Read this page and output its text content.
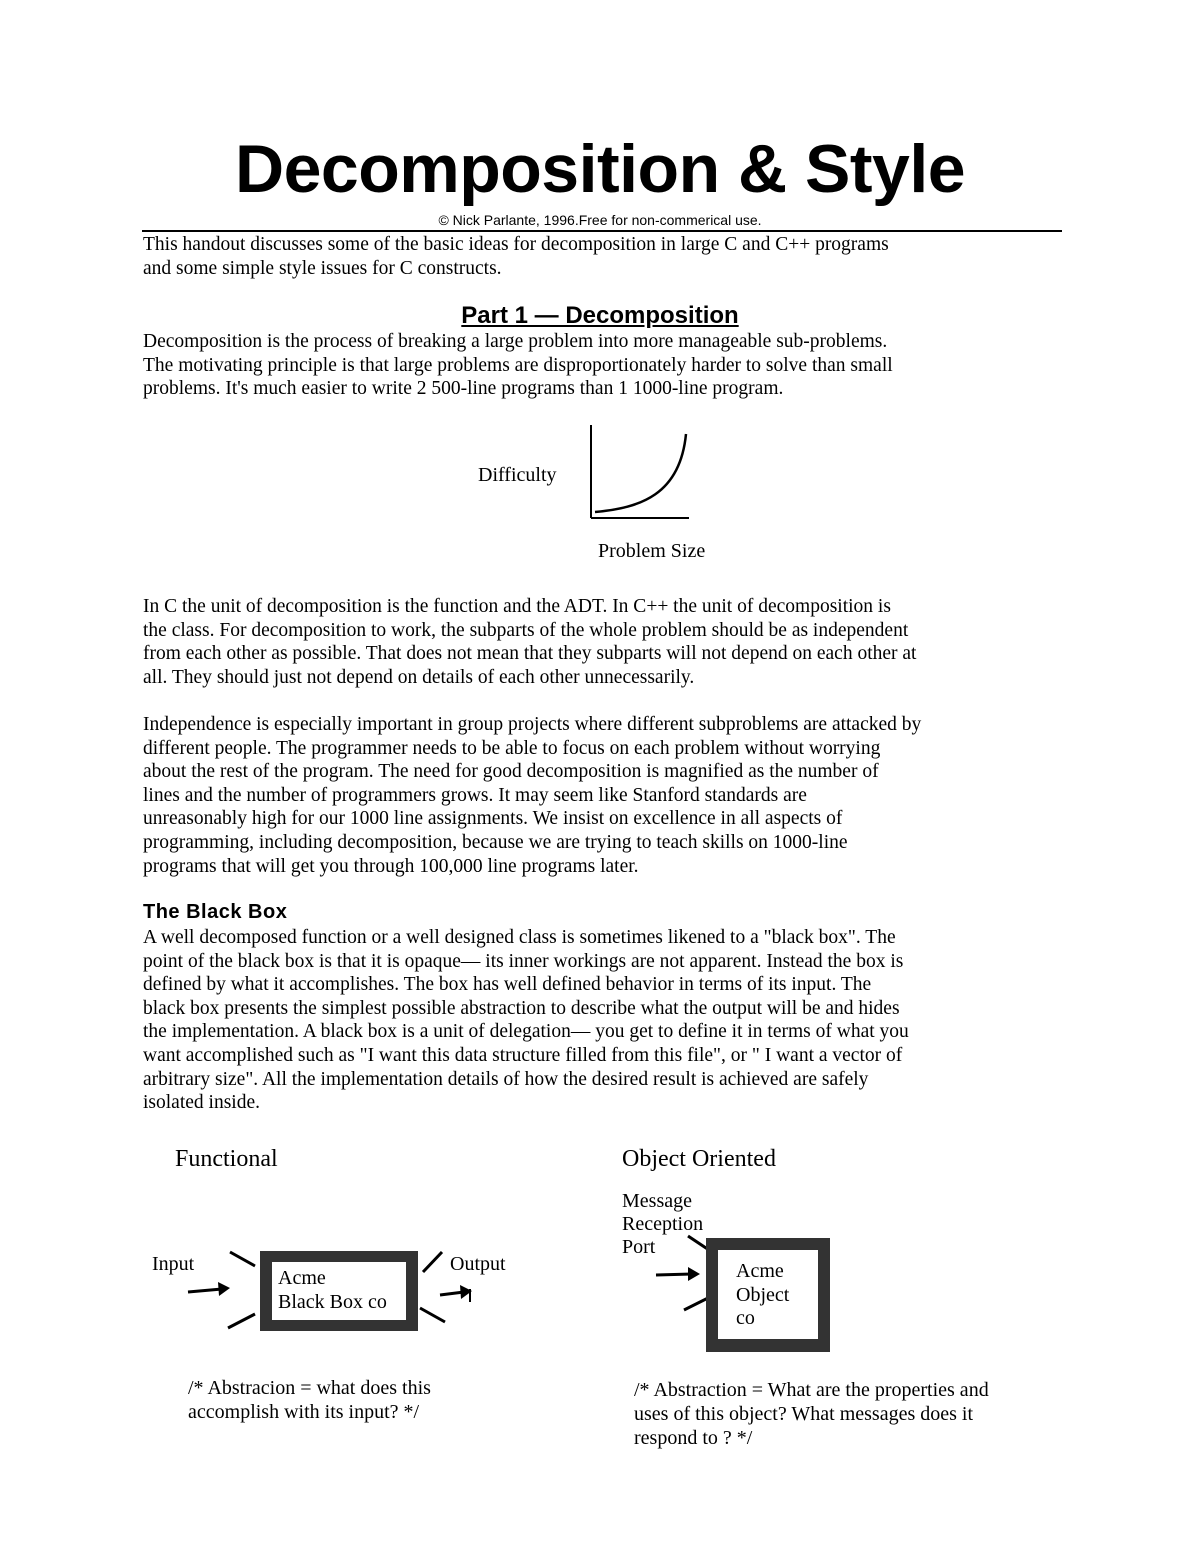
Decomposition & Style
© Nick Parlante, 1996.Free for non-commerical use.

This handout discusses some of the basic ideas for decomposition in large C and C++ programs

and some simple style issues for C constructs.

Part 1 — Decomposition

Decomposition is the process of breaking a large problem into more manageable sub-problems.

The motivating principle is that large problems are disproportionately harder to solve than small

problems. It's much easier to write 2 500-line programs than 1 1000-line program.

Difficulty
Problem Size

In C the unit of decomposition is the function and the ADT. In C++ the unit of decomposition is

the class. For decomposition to work, the subparts of the whole problem should be as independent

from each other as possible. That does not mean that they subparts will not depend on each other at

all. They should just not depend on details of each other unnecessarily.

Independence is especially important in group projects where different subproblems are attacked by

different people. The programmer needs to be able to focus on each problem without worrying

about the rest of the program. The need for good decomposition is magnified as the number of

lines and the number of programmers grows. It may seem like Stanford standards are

unreasonably high for our 1000 line assignments. We insist on excellence in all aspects of

programming, including decomposition, because we are trying to teach skills on 1000-line

programs that will get you through 100,000 line programs later.

The Black Box

A well decomposed function or a well designed class is sometimes likened to a "black box". The

point of the black box is that it is opaque— its inner workings are not apparent. Instead the box is

defined by what it accomplishes. The box has well defined behavior in terms of its input. The

black box presents the simplest possible abstraction to describe what the output will be and hides

the implementation. A black box is a unit of delegation— you get to define it in terms of what you

want accomplished such as "I want this data structure filled from this file", or " I want a vector of

arbitrary size". All the implementation details of how the desired result is achieved are safely

isolated inside.

Functional
Input	Output
Acme
Black Box co
/* Abstracion = what does this
accomplish with its input? */
Object Oriented
Message
Reception
Port
Acme
Object
co
/* Abstraction = What are the properties and
uses of this object? What messages does it
respond to ? */
